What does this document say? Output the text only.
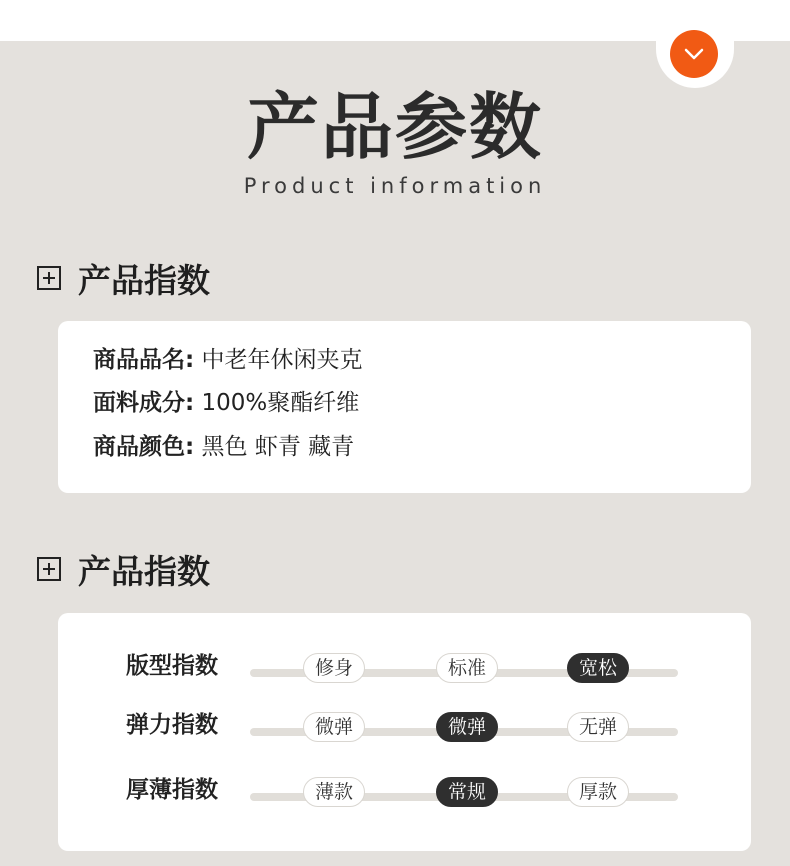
产品参数
Product information
产品指数
商品品名: 中老年休闲夹克
面料成分: 100%聚酯纤维
商品颜色: 黑色 虾青 藏青
产品指数
版型指数	修身	标准	宽松
弹力指数	微弹	微弹	无弹
厚薄指数	薄款	常规	厚款
